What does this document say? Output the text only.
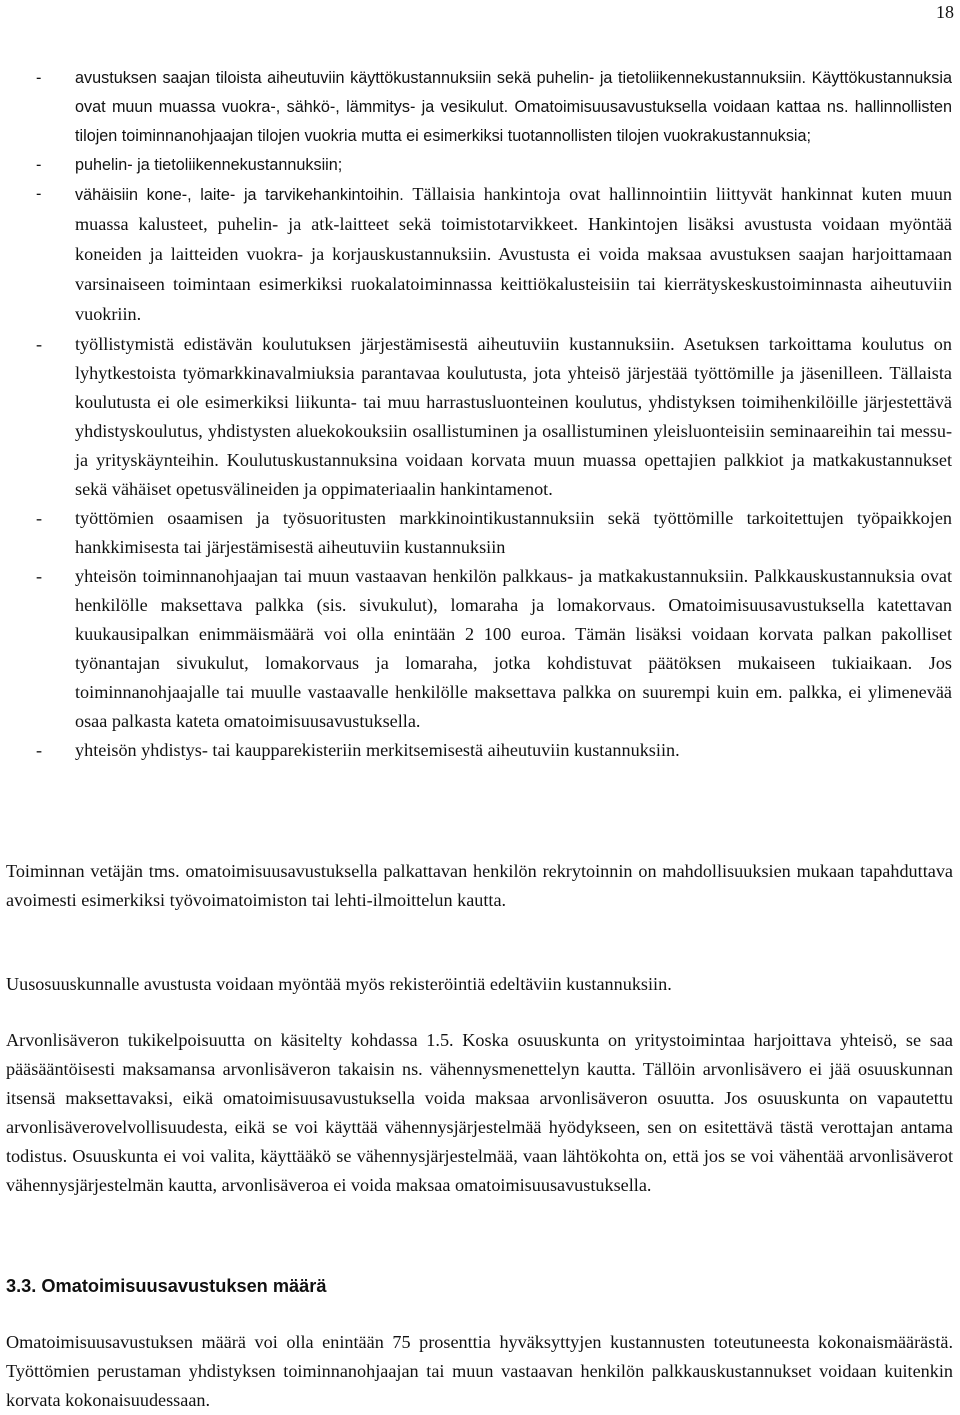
18
- avustuksen saajan tiloista aiheutuviin käyttökustannuksiin sekä puhelin- ja tietoliikennekustannuksiin. Käyttökustannuksia ovat muun muassa vuokra-, sähkö-, lämmitys- ja vesikulut. Omatoimisuusavustuksella voidaan kattaa ns. hallinnollisten tilojen toiminnanohjaajan tilojen vuokria mutta ei esimerkiksi tuotannollisten tilojen vuokrakustannuksia;
- puhelin- ja tietoliikennekustannuksiin;
- vähäisiin kone-, laite- ja tarvikehankintoihin. Tällaisia hankintoja ovat hallinnointiin liittyvät hankinnat kuten muun muassa kalusteet, puhelin- ja atk-laitteet sekä toimistotarvikkeet. Hankintojen lisäksi avustusta voidaan myöntää koneiden ja laitteiden vuokra- ja korjauskustannuksiin. Avustusta ei voida maksaa avustuksen saajan harjoittamaan varsinaiseen toimintaan esimerkiksi ruokalatoiminnassa keittiökalusteisiin tai kierrätyskeskustoiminnasta aiheutuviin vuokriin.
- työllistymistä edistävän koulutuksen järjestämisestä aiheutuviin kustannuksiin. Asetuksen tarkoittama koulutus on lyhytkestoista työmarkkinavalmiuksia parantavaa koulutusta, jota yhteisö järjestää työttömille ja jäsenilleen. Tällaista koulutusta ei ole esimerkiksi liikunta- tai muu harrastusluonteinen koulutus, yhdistyksen toimihenkilöille järjestettävä yhdistyskoulutus, yhdistysten aluekokouksiin osallistuminen ja osallistuminen yleisluonteisiin seminaareihin tai messu- ja yrityskäynteihin. Koulutuskustannuksina voidaan korvata muun muassa opettajien palkkiot ja matkakustannukset sekä vähäiset opetusvälineiden ja oppimateriaalin hankintamenot.
- työttömien osaamisen ja työsuoritusten markkinointikustannuksiin sekä työttömille tarkoitettujen työpaikkojen hankkimisesta tai järjestämisestä aiheutuviin kustannuksiin
- yhteisön toiminnanohjaajan tai muun vastaavan henkilön palkkaus- ja matkakustannuksiin. Palkkauskustannuksia ovat henkilölle maksettava palkka (sis. sivukulut), lomaraha ja lomakorvaus. Omatoimisuusavustuksella katettavan kuukausipalkan enimmäismäärä voi olla enintään 2 100 euroa. Tämän lisäksi voidaan korvata palkan pakolliset työnantajan sivukulut, lomakorvaus ja lomaraha, jotka kohdistuvat päätöksen mukaiseen tukiaikaan. Jos toiminnanohjaajalle tai muulle vastaavalle henkilölle maksettava palkka on suurempi kuin em. palkka, ei ylimenevää osaa palkasta kateta omatoimisuusavustuksella.
- yhteisön yhdistys- tai kaupparekisteriin merkitsemisestä aiheutuviin kustannuksiin.

Toiminnan vetäjän tms. omatoimisuusavustuksella palkattavan henkilön rekrytoinnin on mahdollisuuksien mukaan tapahduttava avoimesti esimerkiksi työvoimatoimiston tai lehti-ilmoittelun kautta.

Uusosuuskunnalle avustusta voidaan myöntää myös rekisteröintiä edeltäviin kustannuksiin.

Arvonlisäveron tukikelpoisuutta on käsitelty kohdassa 1.5. Koska osuuskunta on yritystoimintaa harjoittava yhteisö, se saa pääsääntöisesti maksamansa arvonlisäveron takaisin ns. vähennysmenettelyn kautta. Tällöin arvonlisävero ei jää osuuskunnan itsensä maksettavaksi, eikä omatoimisuusavustuksella voida maksaa arvonlisäveron osuutta. Jos osuuskunta on vapautettu arvonlisäverovelvollisuudesta, eikä se voi käyttää vähennysjärjestelmää hyödykseen, sen on esitettävä tästä verottajan antama todistus. Osuuskunta ei voi valita, käyttääkö se vähennysjärjestelmää, vaan lähtökohta on, että jos se voi vähentää arvonlisäverot vähennysjärjestelmän kautta, arvonlisäveroa ei voida maksaa omatoimisuusavustuksella.

3.3. Omatoimisuusavustuksen määrä

Omatoimisuusavustuksen määrä voi olla enintään 75 prosenttia hyväksyttyjen kustannusten toteutuneesta kokonaismäärästä. Työttömien perustaman yhdistyksen toiminnanohjaajan tai muun vastaavan henkilön palkkauskustannukset voidaan kuitenkin korvata kokonaisuudessaan.
